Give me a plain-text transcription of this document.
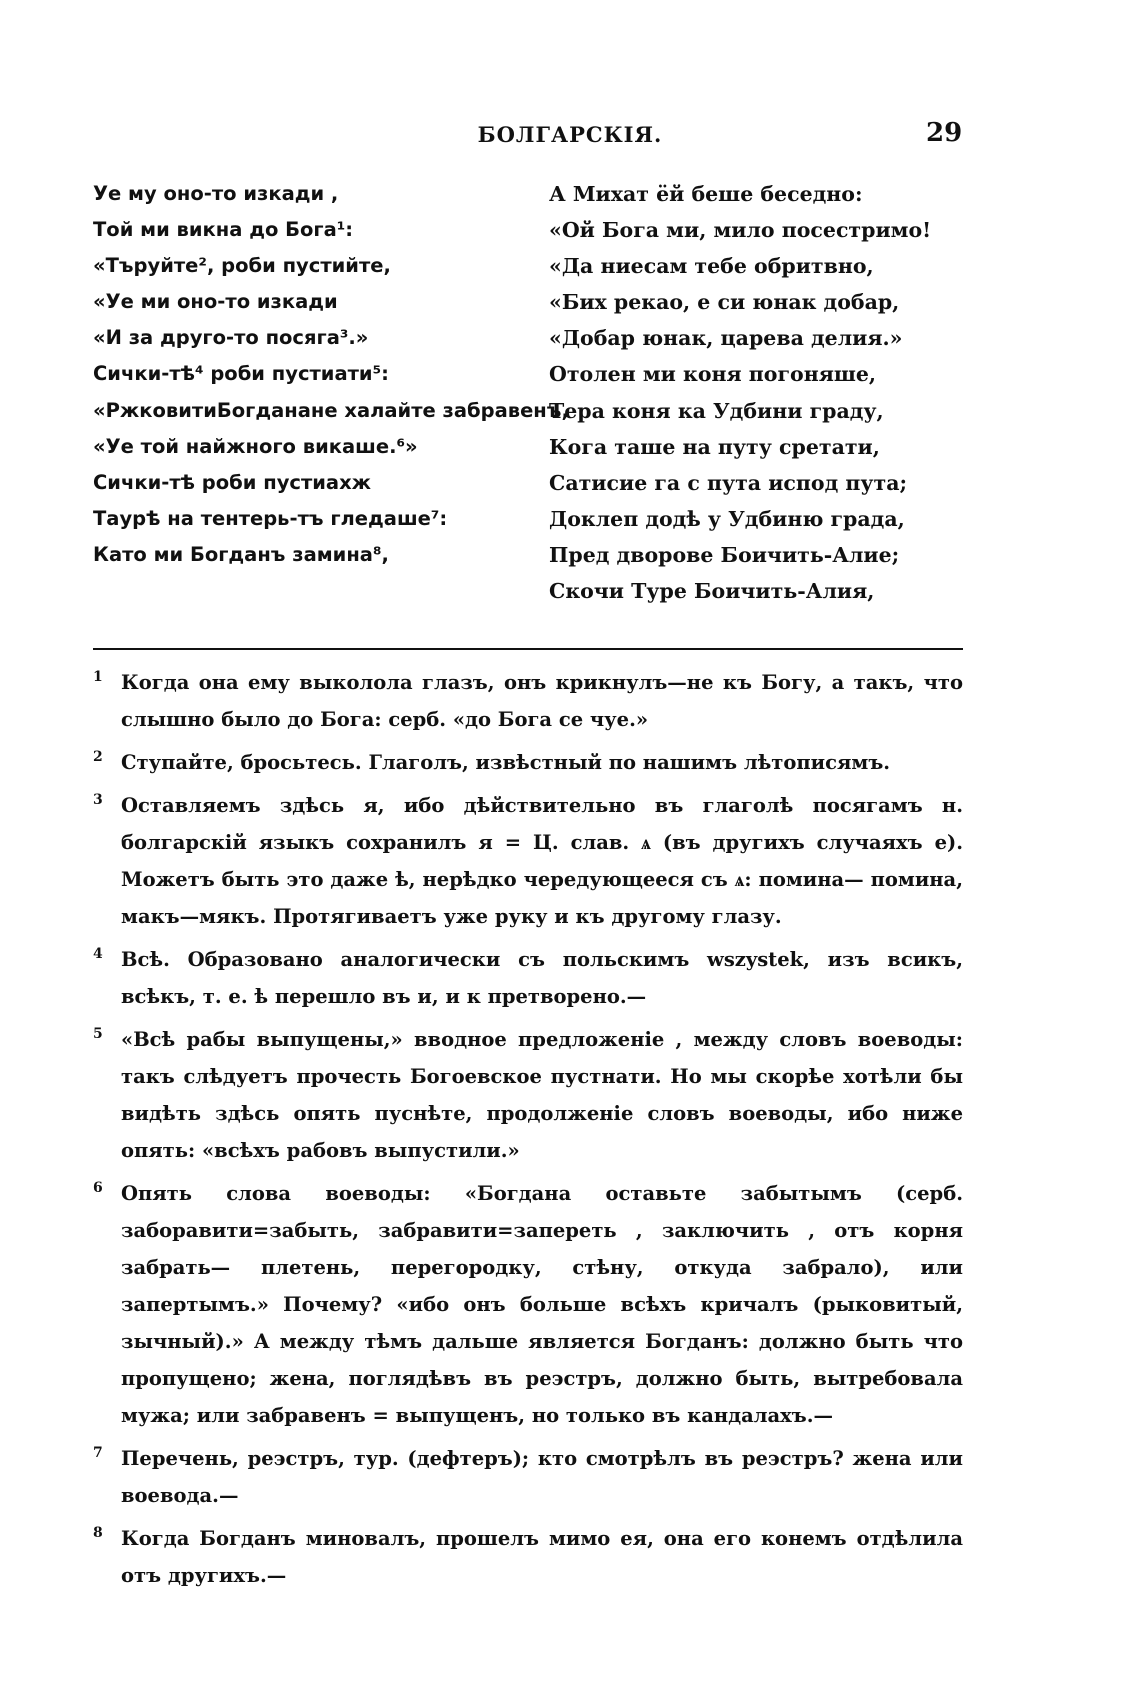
БОЛГАРСКІЯ.	29
Уе му оно-то изкади ,
Той ми викна до Бога¹:
«Търуйте², роби пустийте,
«Уе ми оно-то изкади
«И за друго-то посяга³.»
Сички-тѣ⁴ роби пустиати⁵:
«РжковитиБогданане халайте забравенъ,
«Уе той найжного викаше.⁶»
Сички-тѣ роби пустиахж
Таурѣ на тентерь-тъ гледаше⁷:
Като ми Богданъ замина⁸,
А Михат ёй беше беседно:
«Ой Бога ми, мило посестримо!
«Да ниесам тебе обритвно,
«Бих рекао, е си юнак добар,
«Добар юнак, царева делия.»
Отолен ми коня погоняше,
Тера коня ка Удбини граду,
Кога таше на путу сретати,
Сатисие га с пута испод пута;
Доклеп додѣ у Удбиню града,
Пред дворове Боичить-Алие;
Скочи Туре Боичить-Алия,
1 Когда она ему выколола глазъ, онъ крикнулъ—не къ Богу, а такъ, что слышно было до Бога: серб. «до Бога се чуе.»
2 Ступайте, бросьтесь. Глаголъ, извѣстный по нашимъ лѣтописямъ.
3 Оставляемъ здѣсь я, ибо дѣйствительно въ глаголѣ посягамъ н. болгарскій языкъ сохранилъ я = Ц. слав. ѧ (въ другихъ случаяхъ е). Можетъ быть это даже ѣ, нерѣдко чередующееся съ ѧ: помина— помина, макъ—мякъ. Протягиваетъ уже руку и къ другому глазу.
4 Всѣ. Образовано аналогически съ польскимъ wszystek, изъ всикъ, всѣкъ, т. е. ѣ перешло въ и, и к претворено.—
5 «Всѣ рабы выпущены,» вводное предложеніе , между словъ воеводы: такъ слѣдуетъ прочесть Богоевское пустнати. Но мы скорѣе хотѣли бы видѣть здѣсь опять пуснѣте, продолженіе словъ воеводы, ибо ниже опять: «всѣхъ рабовъ выпустили.»
6 Опять слова воеводы: «Богдана оставьте забытымъ (серб. заборавити=забыть, забравити=запереть , заключить , отъ корня забрать— плетень, перегородку, стѣну, откуда забрало), или запертымъ.» Почему? «ибо онъ больше всѣхъ кричалъ (рыковитый, зычный).» А между тѣмъ дальше является Богданъ: должно быть что пропущено; жена, поглядѣвъ въ реэстръ, должно быть, вытребовала мужа; или забравенъ = выпущенъ, но только въ кандалахъ.—
7 Перечень, реэстръ, тур. (дефтеръ); кто смотрѣлъ въ реэстръ? жена или воевода.—
8 Когда Богданъ миновалъ, прошелъ мимо ея, она его конемъ отдѣлила отъ другихъ.—
